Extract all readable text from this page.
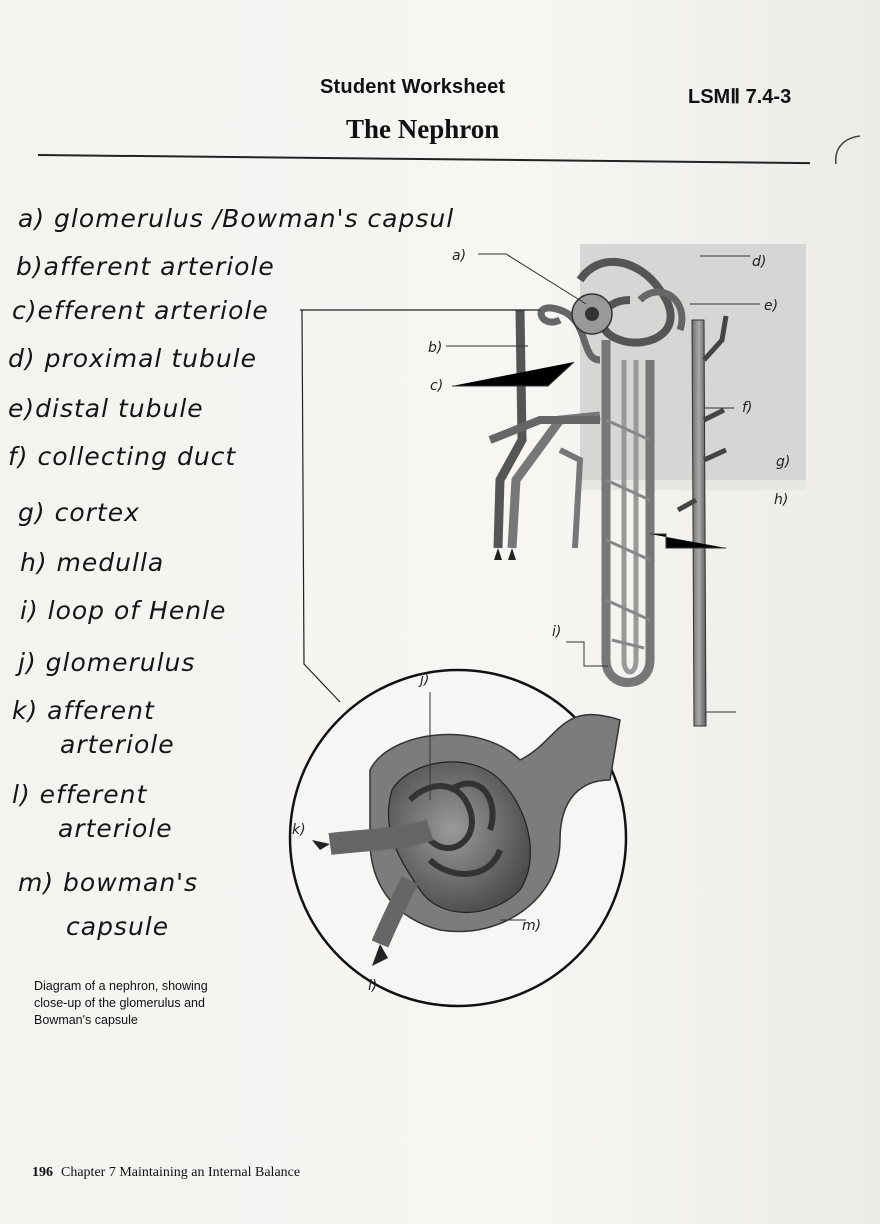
Student Worksheet	LSMⅡ 7.4-3
The Nephron
a) glomerulus /Bowman's capsul
b)afferent arteriole
c)efferent arteriole
d) proximal tubule
e)distal tubule
f) collecting duct
g) cortex
h) medulla
i) loop of Henle
j) glomerulus
k) afferent
arteriole
l) efferent
arteriole
m) bowman's
capsule
a)	d)
e)
b)
c)
f)
g)
h)
i)
j)
k)
l)
m)
Diagram of a nephron, showing close-up of the glomerulus and Bowman's capsule
196 Chapter 7 Maintaining an Internal Balance
